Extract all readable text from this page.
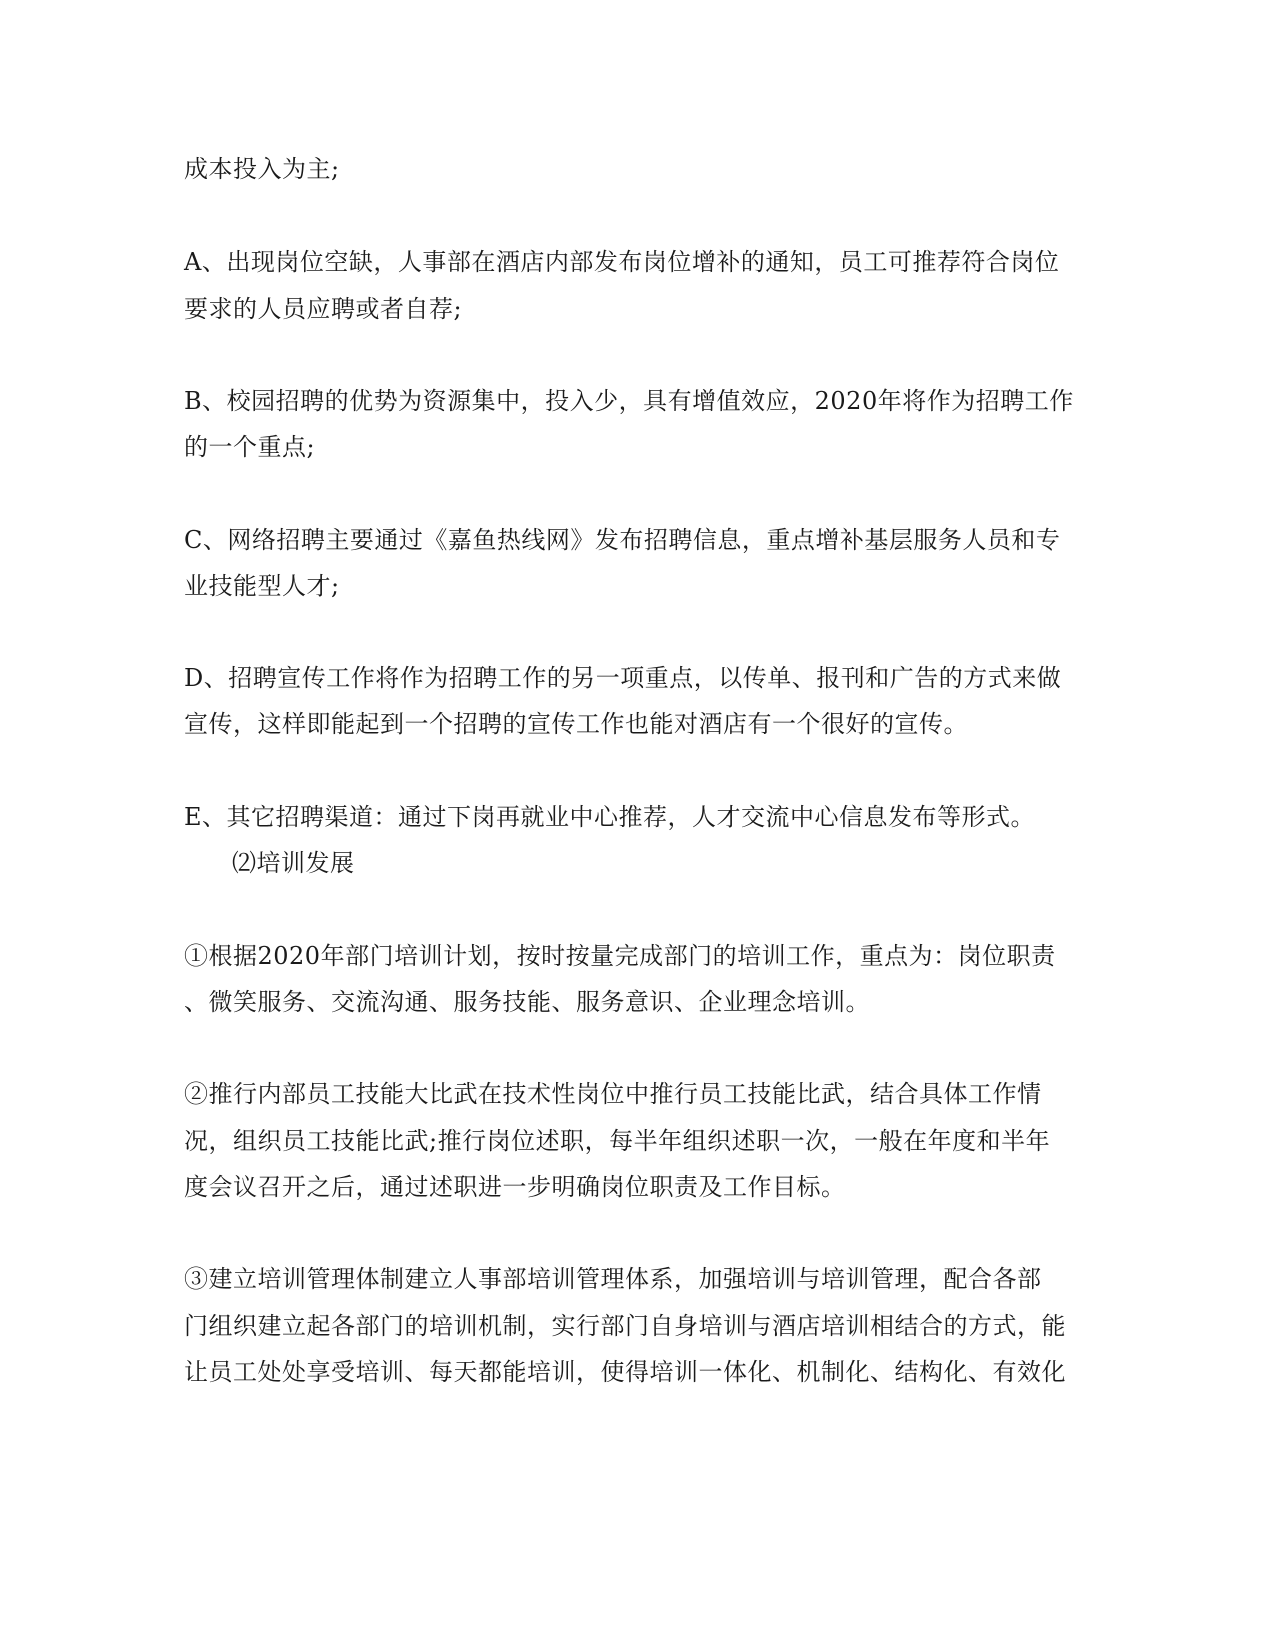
成本投入为主;
A、出现岗位空缺，人事部在酒店内部发布岗位增补的通知，员工可推荐符合岗位
要求的人员应聘或者自荐;
B、校园招聘的优势为资源集中，投入少，具有增值效应，2020年将作为招聘工作
的一个重点;
C、网络招聘主要通过《嘉鱼热线网》发布招聘信息，重点增补基层服务人员和专
业技能型人才;
D、招聘宣传工作将作为招聘工作的另一项重点，以传单、报刊和广告的方式来做
宣传，这样即能起到一个招聘的宣传工作也能对酒店有一个很好的宣传。
E、其它招聘渠道：通过下岗再就业中心推荐，人才交流中心信息发布等形式。
⑵培训发展
①根据2020年部门培训计划，按时按量完成部门的培训工作，重点为：岗位职责
、微笑服务、交流沟通、服务技能、服务意识、企业理念培训。
②推行内部员工技能大比武在技术性岗位中推行员工技能比武，结合具体工作情
况，组织员工技能比武;推行岗位述职，每半年组织述职一次，一般在年度和半年
度会议召开之后，通过述职进一步明确岗位职责及工作目标。
③建立培训管理体制建立人事部培训管理体系，加强培训与培训管理，配合各部
门组织建立起各部门的培训机制，实行部门自身培训与酒店培训相结合的方式，能
让员工处处享受培训、每天都能培训，使得培训一体化、机制化、结构化、有效化
